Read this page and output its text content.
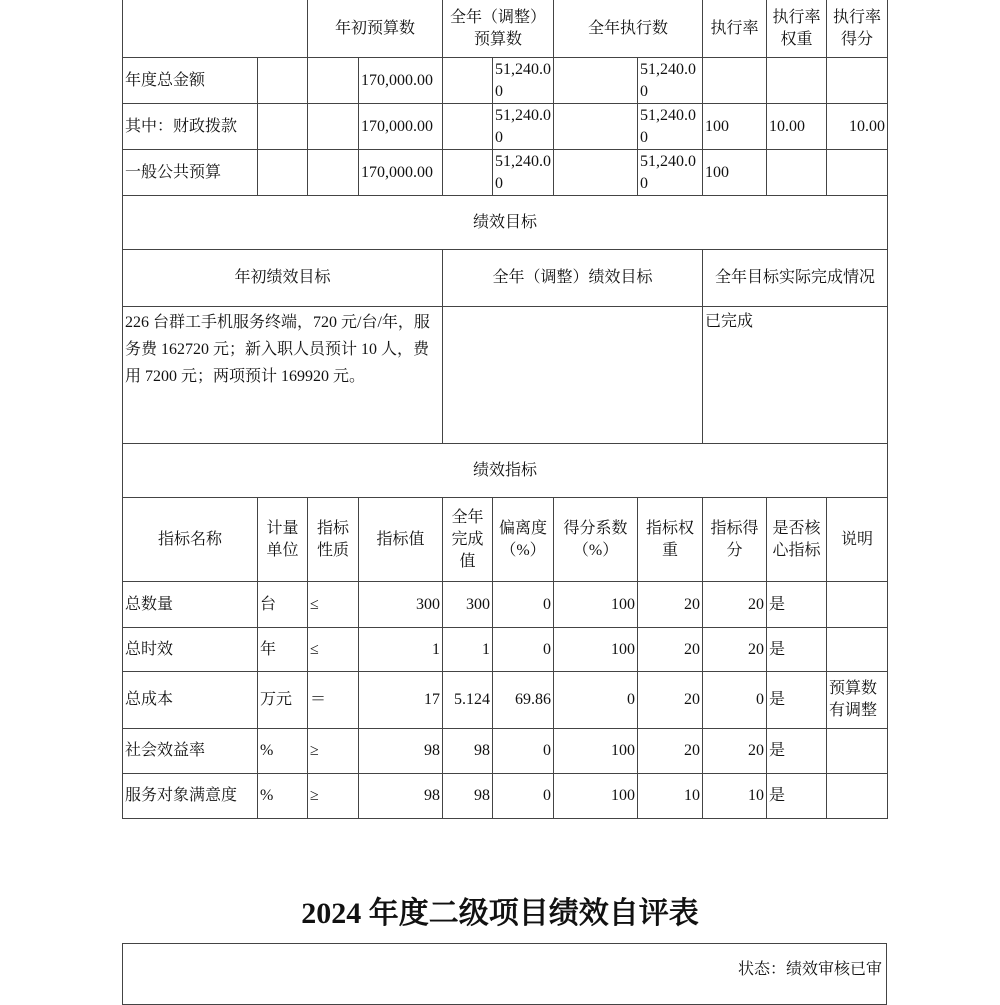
		年初预算数		全年（调整）预算数		全年执行数		执行率	执行率权重	执行率得分
年度总金额			170,000.00		51,240.00		51,240.00			
其中：财政拨款			170,000.00		51,240.00		51,240.00	100	10.00	10.00
一般公共预算			170,000.00		51,240.00		51,240.00	100		
绩效目标										
年初绩效目标				全年（调整）绩效目标				全年目标实际完成情况		
226 台群工手机服务终端，720 元/台/年，服务费 162720 元；新入职人员预计 10 人，费用 7200 元；两项预计 169920 元。								已完成		
绩效指标										
指标名称	计量单位	指标性质	指标值	全年完成值	偏离度（%）	得分系数（%）	指标权重	指标得分	是否核心指标	说明
总数量	台	≤	300	300	0	100	20	20	是	
总时效	年	≤	1	1	0	100	20	20	是	
总成本	万元	＝	17	5.124	69.86	0	20	0	是	预算数有调整
社会效益率	%	≥	98	98	0	100	20	20	是	
服务对象满意度	%	≥	98	98	0	100	10	10	是	
2024 年度二级项目绩效自评表
状态：绩效审核已审
